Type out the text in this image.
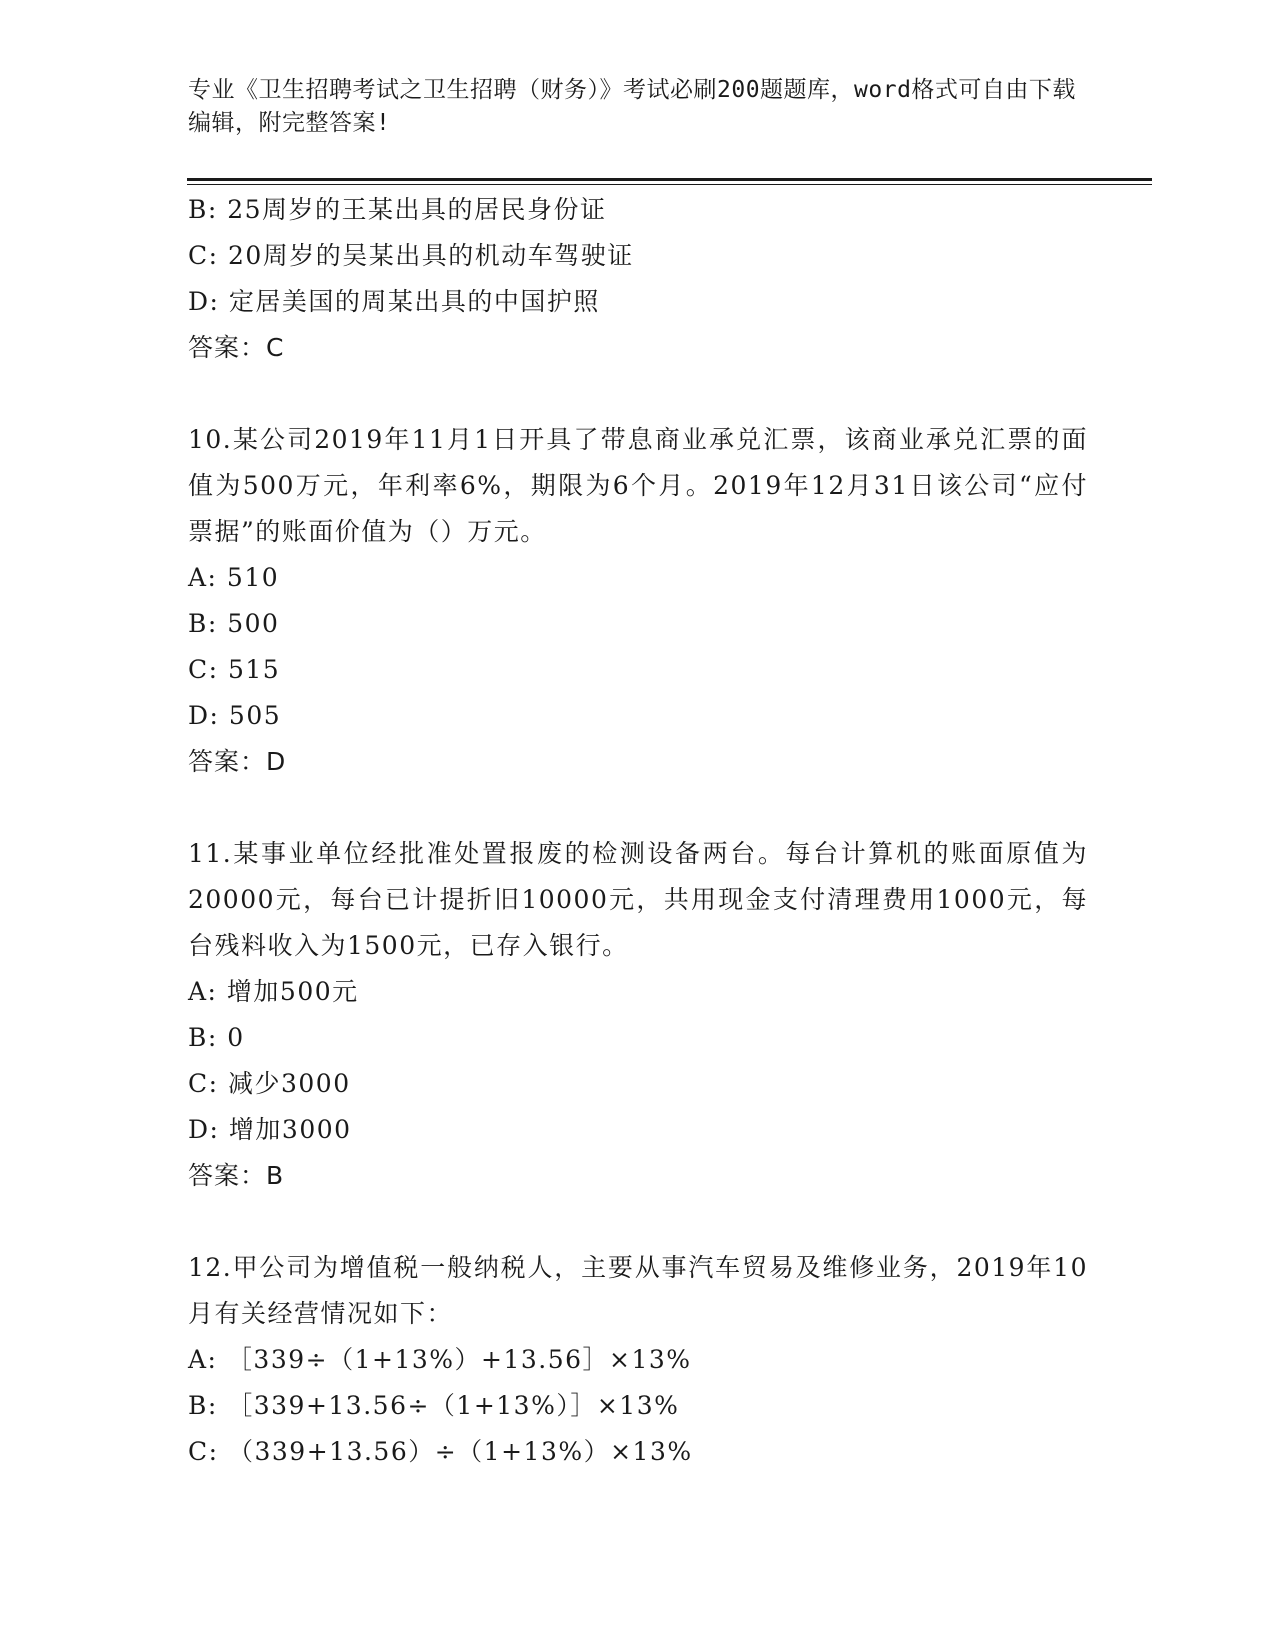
专业《卫生招聘考试之卫生招聘（财务）》考试必刷200题题库，word格式可自由下载编辑，附完整答案!
B: 25周岁的王某出具的居民身份证
C: 20周岁的吴某出具的机动车驾驶证
D: 定居美国的周某出具的中国护照
答案：C
10.某公司2019年11月1日开具了带息商业承兑汇票，该商业承兑汇票的面值为500万元，年利率6%，期限为6个月。2019年12月31日该公司“应付票据”的账面价值为（）万元。
A: 510
B: 500
C: 515
D: 505
答案：D
11.某事业单位经批准处置报废的检测设备两台。每台计算机的账面原值为20000元，每台已计提折旧10000元，共用现金支付清理费用1000元，每台残料收入为1500元，已存入银行。
A: 增加500元
B: 0
C: 减少3000
D: 增加3000
答案：B
12.甲公司为增值税一般纳税人，主要从事汽车贸易及维修业务，2019年10月有关经营情况如下：
A: ［339÷（1+13%）+13.56］×13%
B: ［339+13.56÷（1+13%）］×13%
C: （339+13.56）÷（1+13%）×13%
